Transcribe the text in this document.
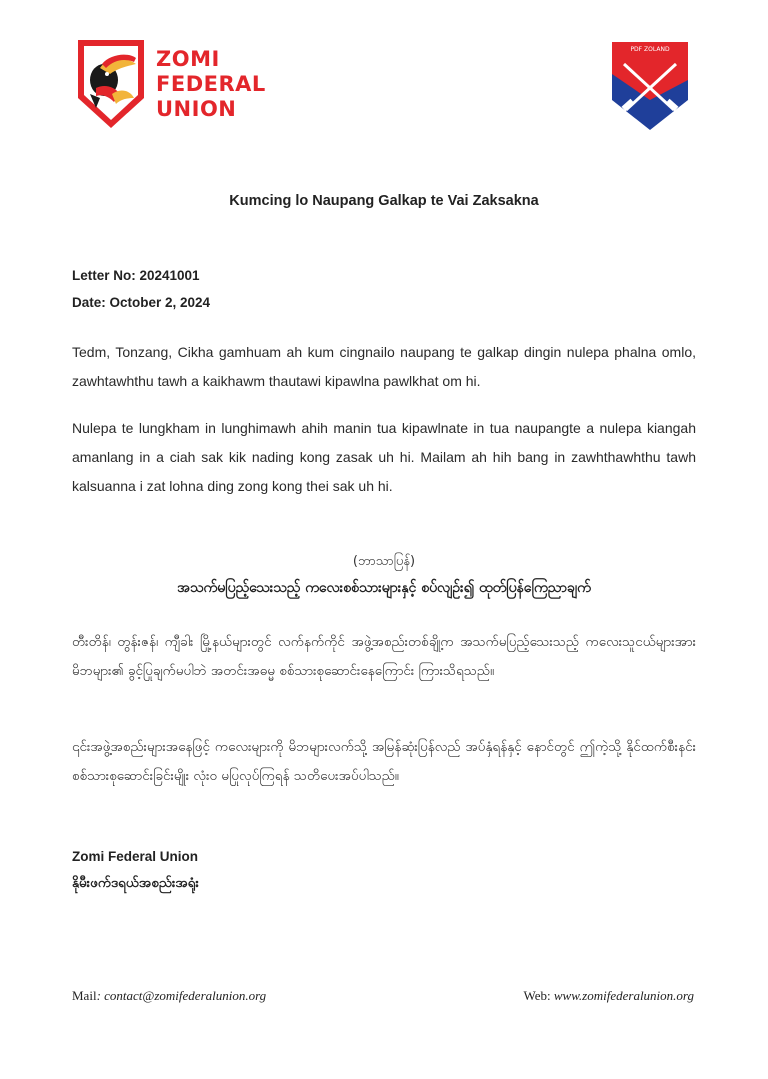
ZOMI
FEDERAL
UNION
PDF ZOLAND
Kumcing lo Naupang Galkap te Vai Zaksakna
Letter No: 20241001
Date: October 2, 2024
Tedm, Tonzang, Cikha gamhuam ah kum cingnailo naupang te galkap dingin nulepa phalna omlo, zawhtawhthu tawh a kaikhawm thautawi kipawlna pawlkhat om hi.
Nulepa te lungkham in lunghimawh ahih manin tua kipawlnate in tua naupangte a nulepa kiangah amanlang in a ciah sak kik nading kong zasak uh hi. Mailam ah hih bang in zawhthawhthu tawh kalsuanna i zat lohna ding zong kong thei sak uh hi.
(ဘာသာပြန်)
အသက်မပြည့်သေးသည့် ကလေးစစ်သားများနှင့် စပ်လျဉ်း၍ ထုတ်ပြန်ကြေညာချက်
တီးတိန်၊ တွန်းဇန်၊ ကျီခါး မြို့နယ်များတွင် လက်နက်ကိုင် အဖွဲ့အစည်းတစ်ချို့က အသက်မပြည့်သေးသည့် ကလေးသူငယ်များအား မိဘများ၏ ခွင့်ပြုချက်မပါဘဲ အတင်းအဓမ္မ စစ်သားစုဆောင်းနေကြောင်း ကြားသိရသည်။
၎င်းအဖွဲ့အစည်းများအနေဖြင့် ကလေးများကို မိဘများလက်သို့ အမြန်ဆုံးပြန်လည် အပ်နှံရန်နှင့် နောင်တွင် ဤကဲ့သို့ နိုင်ထက်စီးနင်း စစ်သားစုဆောင်းခြင်းမျိုး လုံးဝ မပြုလုပ်ကြရန် သတိပေးအပ်ပါသည်။
Zomi Federal Union
နိုမီးဖက်ဒရယ်အစည်းအရုံး
Mail: contact@zomifederalunion.org	Web: www.zomifederalunion.org
